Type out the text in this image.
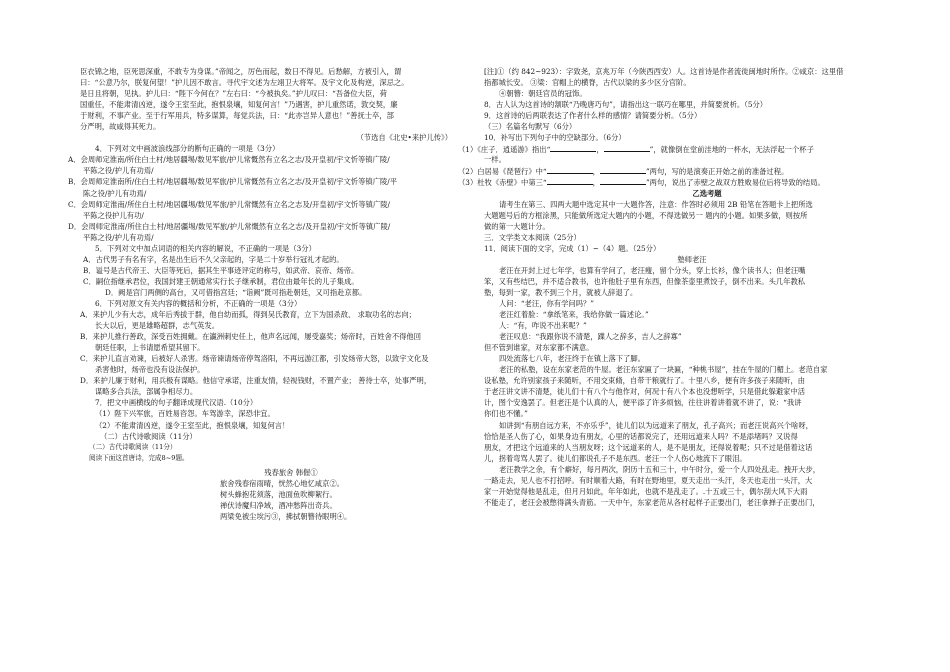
臣衣锦之地，臣死思深重，不敢专为身谋。”帝闻之，厉色而起，数日不得见。后愁解，方被引入，谓
曰：“公意乃尔，朕复何望！”护儿因不敢言。寻代宇文述为左翊卫大将军。及宇文化及构逆，深忌之。
是日且将朝，见执。护儿曰：“陛下今何在？”左右曰：“今被执矣。”护儿叹曰：“吾备位大臣，荷
国重任，不能肃清凶逆，遂令王室至此，抱恨泉壤，知复何言！”乃遇害，护儿重然诺，敦交契，廉
于财利，不事产业。至于行军用兵，特多谋算，每觉兵法，曰：“此亦岂异人意也！”善抚士卒，部
分严明，故咸得其死力。
（节选自《北史•来护儿传》）
4．下列对文中画波浪线部分的断句正确的一项是（3分）
A．会周师定淮南/所住白土村/地居疆埸/数见军旅/护儿常慨然有立名之志/及开皇初/宇文忻等镇广陵/
平陈之役/护儿有功焉/
B．会周师定淮南所/住白土村/地居疆埸/数见军旅/护儿常慨然有立名之志/及开皇初/宇文忻等镇广陵/平
陈之役/护儿有功焉/
C．会周师定淮南/所住白土村/地居疆埸/数见军旅/护儿常慨然有立名之志及/开皇初/宇文忻等镇广陵/
平陈之役护儿有功/
D．会周师定淮南/所住白土村/地居疆埸/数见军旅/护儿常慨然有立名之志/及开皇初/宇文忻等镇广陵/
平陈之役/护儿有功焉/
5．下列对文中加点词语的相关内容的解说，不正确的一项是（3分）
A．古代男子有名有字，名是出生后不久父亲起的，字是二十岁举行冠礼才起的。
B．谥号是古代帝王、大臣等死后，据其生平事迹评定的称号，如武帝、哀帝、炀帝。
C．嗣位指继承君位，我国封建王朝通常实行长子继承制，君位由最年长的儿子集成。
D．阙是宫门两侧的高台，又可借指宫廷；“诣阙”既可指赴朝廷，又可指赴京都。
6．下列对原文有关内容的概括和分析，不正确的一项是（3分）
A．来护儿少有大志，成年后秀拔于群，他自幼而孤，得到吴氏教育，立下为国杀敌、 求取功名的志向；
长大以后，更是雄略超群，志气英发。
B．来护儿推行善政，深受百姓拥戴。在瀛洲刺史任上，他声名远闻，屡受嘉奖；炀帝时，百姓舍不得他回
朝廷任职，上书请愿希望其留下。
C．来护儿直言劝谏，后被好人杀害。炀帝谏请炀帝停驾洛阳，不再远游江都，引发炀帝大怒，以致宇文化及
杀害他时，炀帝也没有设法保护。
D．来护儿廉于财利，用兵极有谋略。他信守承诺，注重友情，轻视钱财，不置产业； 善待士卒，处事严明，
谋略多合兵法，部属争相尽力。
7．把文中画横线的句子翻译成现代汉语.（10分）
（1）陛下兴军旅，百姓易咨怨。车驾游幸，深恐非宜。
（2）不能肃清凶逆，遂令王室至此，抱恨泉壤，知复何言！
（二）古代诗歌阅读（11分）
（二）古代诗歌阅读（11分）
阅读下面这首唐诗，完成8~9题。
残春旅舍 韩偓①
旅舍残春宿雨晴，恍然心地忆咸京②。
树头蜂抱花须落，池面鱼吹柳絮行。
禅伏诗魔归净域，酒冲愁阵出奇兵。
两梁免被尘埃污③，拂拭朝簪待眼明④。
[注]①（约 842~923）：字致尧，京兆万年（今陕西西安）人。这首诗是作者流徙闽地时所作。②咸京：这里借
指都城长安。 ③梁：官帽上的横脊，古代以梁的多少区分官阶。
④朝簪：朝廷官员的冠饰。
8．古人认为这首诗的颔联“乃晚唐巧句”，请指出这一联巧在哪里，并简要赏析。（5分）
9．这首诗的后两联表达了作者什么样的感情？请简要分析。（5分）
（三）名篇名句默写（6分）
10．补写出下列句子中的空缺部分。（6分）
（1）《庄子．逍遥游》指出“	，	”，就像倒在堂前洼地的一杯水，无法浮起一个杯子
一样。
（2）白居易《琵琶行》中“	，	”两句，写的是演奏正开始之前的准备过程。
（3）杜牧《赤壁》中第三“	，	”两句，说出了赤壁之战双方胜败易位后将导致的结局。
乙选考题
请考生在第三、四两大题中选定其中一大题作答，注意：作答时必须用 2B 铅笔在答题卡上把所选
大题题号后的方框涂黑，只能做所选定大题内的小题，不得选做另一 题内的小题。如果多做，则按所
做的第一大题计分。
三．文学类文本阅读（25分）
11．阅读下面的文字，完成（1）~（4）题。（25分）
塾师老汪
老汪在开封上过七年学，也算有学问了，老汪瘦，留个分头，穿上长衫，像个读书人；但老汪嘴
笨，又有些结巴，并不适合教书，也许他肚子里有东西，但像茶壶里煮饺子，倒不出来。头几年教私
塾，每到一家，教不到三个月，就被人辞退了。
人问：“老汪，你有学问吗？”
老汪红着脸：“拿纸笔来，我给你做一篇述论。”
人：“有，咋说不出来呢？”
老汪叹息：“我跟你说不清楚，蹀人之辞多，吉人之辞寡”
但不管到谁家，对东家都不满意。
四处流落七八年，老汪终于在镇上落下了脚。
老汪的私塾，设在东家老范的牛屋。老汪东家匾了一块匾，“种桃书屋”，挂在牛屋的门楣上。老范自家
设私塾，允许别家孩子来随听，不用交束脩，自带干粮就行了。十里八乡，便有许多孩子来随听，由
于老汪讲文讲不清楚，徒儿们十有八个与他作对，何况十有八个本也没想听学，只是借此躲避家中活
计，图个安逸罢了。但老汪是个认真的人，便平添了许多烦恼，往往讲着讲着就不讲了，说：“我讲
你们也不懂。”
如讲到“有朋自远方来，不亦乐乎”，徒儿们以为远道来了朋友，孔子高兴；而老汪说高兴个啥呀，
恰恰是圣人伤了心，如果身边有朋友，心里的话都说完了，还用远道来人吗？不是添堵吗？又说得
朋友，才把这个远道来的人当朋友呀；这个远道来的人，是不是朋友，还得说着呢；只不过是借着这话
儿，拐着弯骂人罢了。徒儿们都说孔子不是东西。老汪一个人伤心地流下了眼泪。
老汪教学之余，有个癖好，每月两次，阴历十五和三十，中午时分，爱一个人四处乱走。拽开大步，
一路走去，见人也不打招呼。有时顺着大路，有时在野地里，夏天走出一头汗，冬天也走出一头汗，大
家一开始觉得他是乱走，但月月如此，年年如此，也就不是乱走了。.十五或三十，偶尔刮大风下大雨
不能走了，老汪会被憋得满头青筋。一天中午，东家老范从各村起样子正要出门，老汪拿掸子正要出门，
